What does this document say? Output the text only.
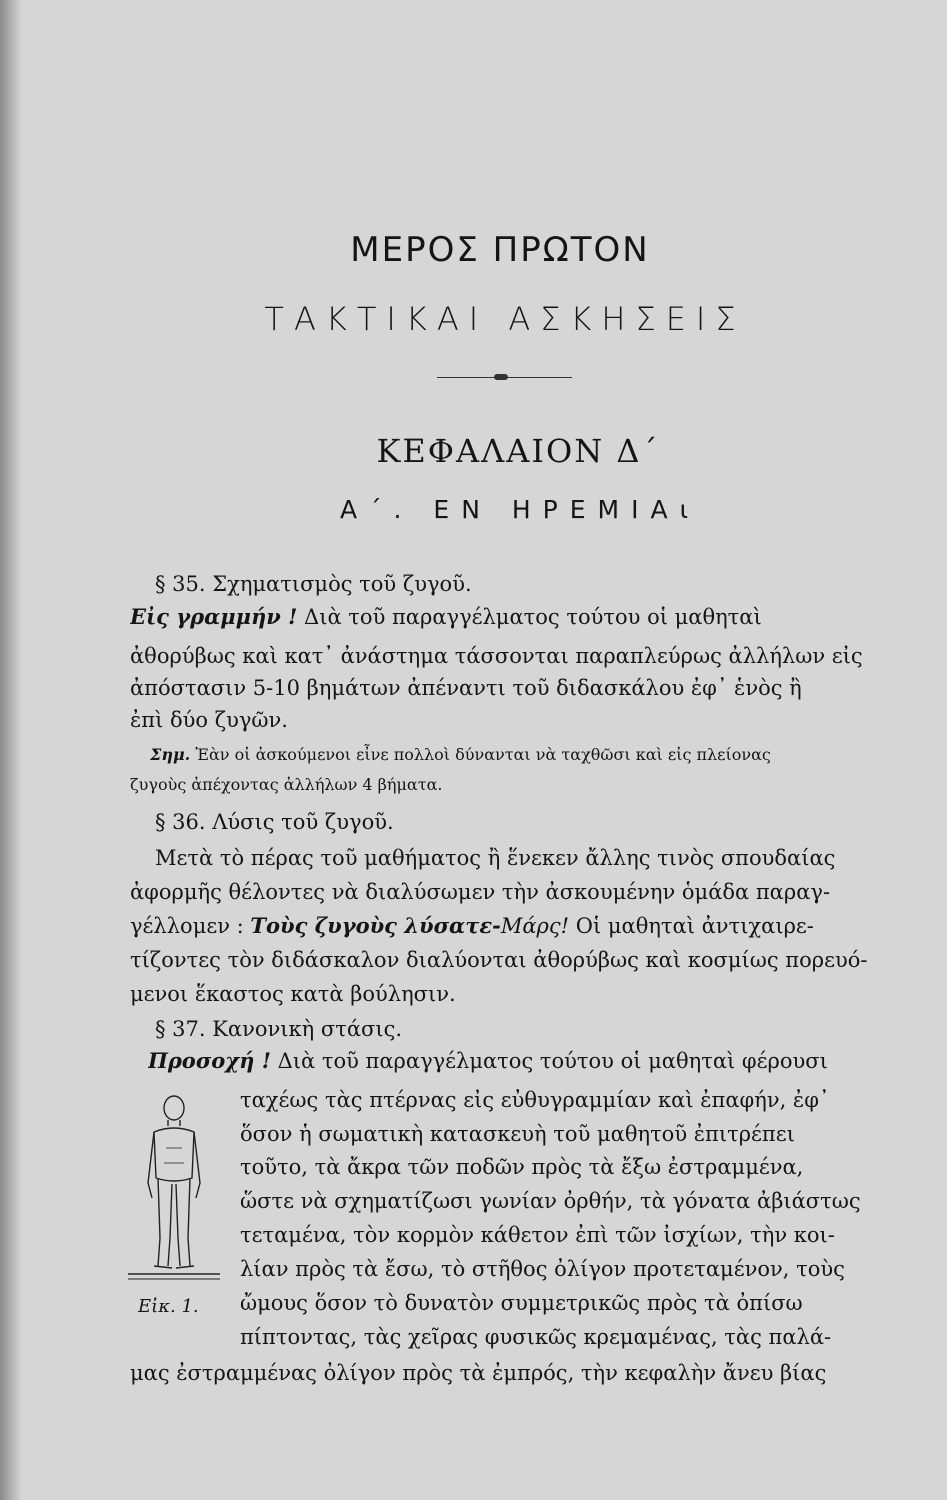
ΜΕΡΟΣ ΠΡΩΤΟΝ
ΤΑΚΤΙΚΑΙ ΑΣΚΗΣΕΙΣ
ΚΕΦΑΛΑΙΟΝ Δ΄
Α΄. ΕΝ ΗΡΕΜΙΑι
§ 35. Σχηματισμὸς τοῦ ζυγοῦ.
Εἰς γραμμήν ! Διὰ τοῦ παραγγέλματος τούτου οἱ μαθηταὶ
ἀθορύβως καὶ κατ᾽ ἀνάστημα τάσσονται παραπλεύρως ἀλλήλων εἰς
ἀπόστασιν 5-10 βημάτων ἀπέναντι τοῦ διδασκάλου ἐφ᾽ ἑνὸς ἢ
ἐπὶ δύο ζυγῶν.
Σημ. Ἐὰν οἱ ἀσκούμενοι εἶνε πολλοὶ δύνανται νὰ ταχθῶσι καὶ εἰς πλείονας
ζυγοὺς ἀπέχοντας ἀλλήλων 4 βήματα.
§ 36. Λύσις τοῦ ζυγοῦ.
Μετὰ τὸ πέρας τοῦ μαθήματος ἢ ἕνεκεν ἄλλης τινὸς σπουδαίας
ἀφορμῆς θέλοντες νὰ διαλύσωμεν τὴν ἀσκουμένην ὁμάδα παραγ-
γέλλομεν : Τοὺς ζυγοὺς λύσατε-Μάρς! Οἱ μαθηταὶ ἀντιχαιρε-
τίζοντες τὸν διδάσκαλον διαλύονται ἀθορύβως καὶ κοσμίως πορευό-
μενοι ἕκαστος κατὰ βούλησιν.
§ 37. Κανονικὴ στάσις.
Προσοχή ! Διὰ τοῦ παραγγέλματος τούτου οἱ μαθηταὶ φέρουσι
ταχέως τὰς πτέρνας εἰς εὐθυγραμμίαν καὶ ἐπαφήν, ἐφ᾽
ὅσον ἡ σωματικὴ κατασκευὴ τοῦ μαθητοῦ ἐπιτρέπει
τοῦτο, τὰ ἄκρα τῶν ποδῶν πρὸς τὰ ἔξω ἐστραμμένα,
ὥστε νὰ σχηματίζωσι γωνίαν ὀρθήν, τὰ γόνατα ἀβιάστως
τεταμένα, τὸν κορμὸν κάθετον ἐπὶ τῶν ἰσχίων, τὴν κοι-
λίαν πρὸς τὰ ἔσω, τὸ στῆθος ὀλίγον προτεταμένον, τοὺς
ὤμους ὅσον τὸ δυνατὸν συμμετρικῶς πρὸς τὰ ὀπίσω
πίπτοντας, τὰς χεῖρας φυσικῶς κρεμαμένας, τὰς παλά-
μας ἐστραμμένας ὀλίγον πρὸς τὰ ἐμπρός, τὴν κεφαλὴν ἄνευ βίας
Εἰκ. 1.
